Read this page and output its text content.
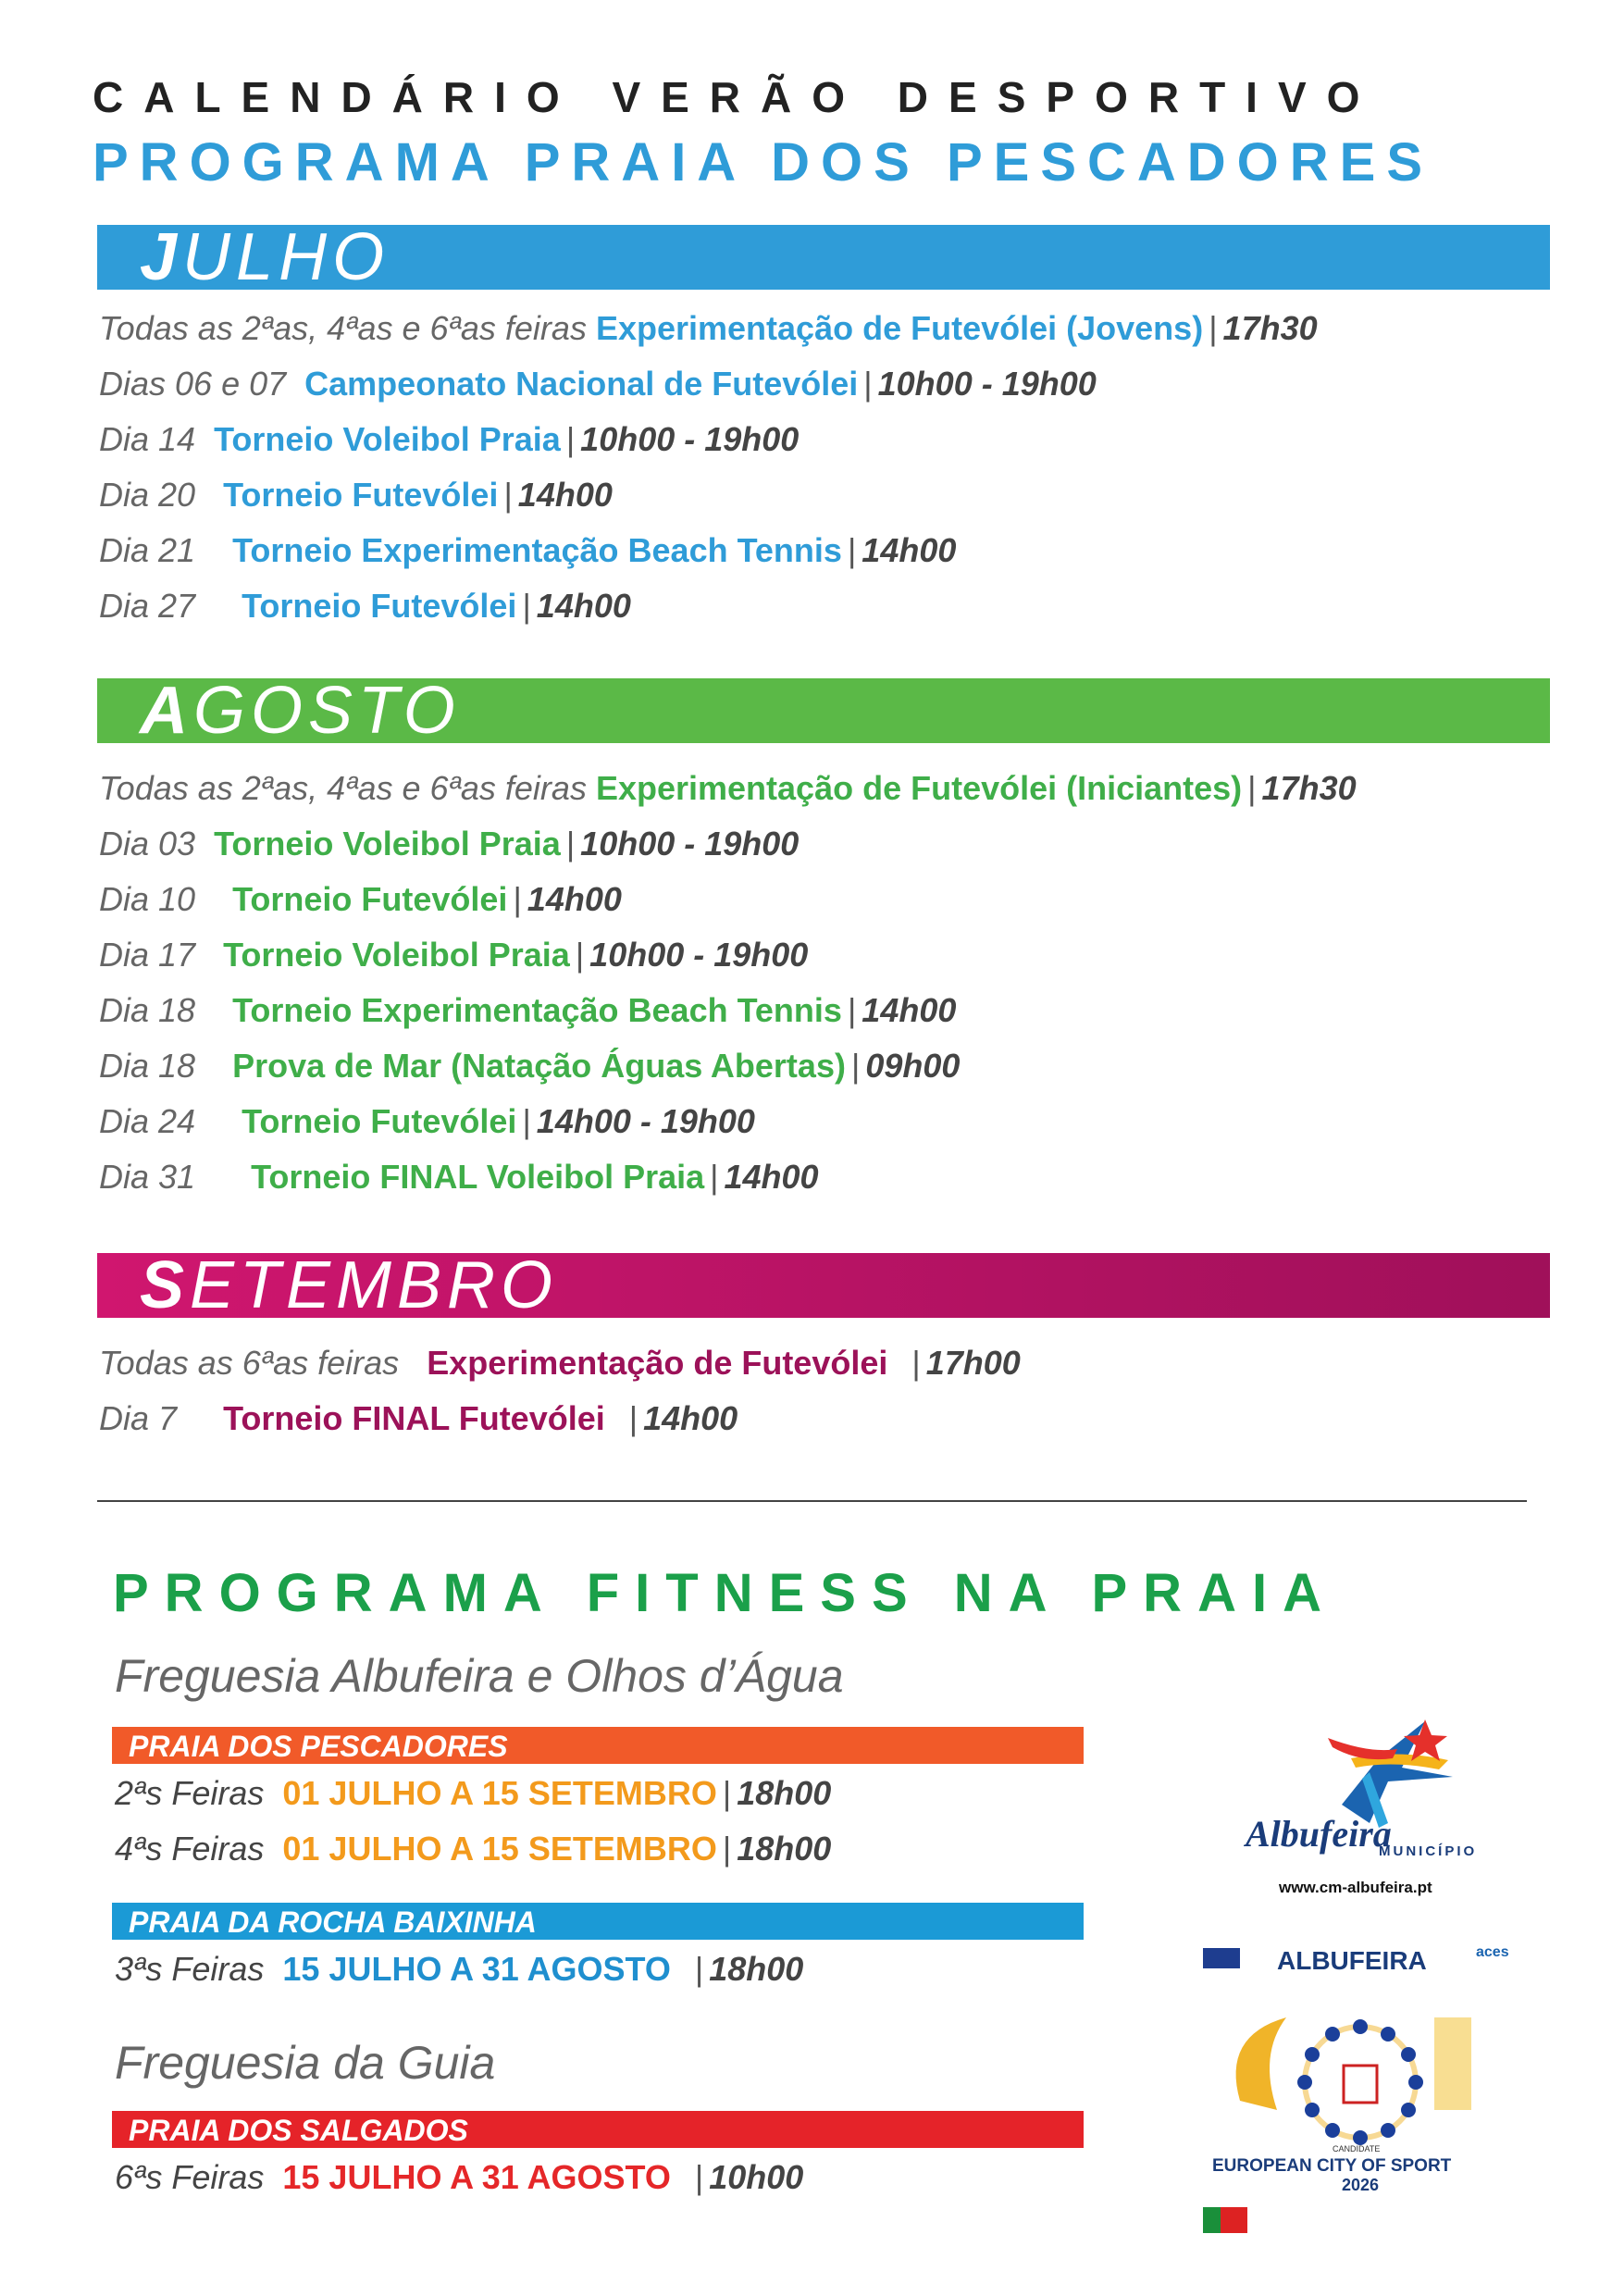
CALENDÁRIO VERÃO DESPORTIVO
PROGRAMA PRAIA DOS PESCADORES
JULHO
Todas as 2ªas, 4ªas e 6ªas feiras Experimentação de Futevólei (Jovens) | 17h30
Dias 06 e 07 Campeonato Nacional de Futevólei | 10h00 - 19h00
Dia 14 Torneio Voleibol Praia | 10h00 - 19h00
Dia 20 Torneio Futevólei | 14h00
Dia 21 Torneio Experimentação Beach Tennis | 14h00
Dia 27 Torneio Futevólei | 14h00
AGOSTO
Todas as 2ªas, 4ªas e 6ªas feiras Experimentação de Futevólei (Iniciantes) | 17h30
Dia 03 Torneio Voleibol Praia | 10h00 - 19h00
Dia 10 Torneio Futevólei | 14h00
Dia 17 Torneio Voleibol Praia | 10h00 - 19h00
Dia 18 Torneio Experimentação Beach Tennis | 14h00
Dia 18 Prova de Mar (Natação Águas Abertas) | 09h00
Dia 24 Torneio Futevólei | 14h00 - 19h00
Dia 31 Torneio FINAL Voleibol Praia | 14h00
SETEMBRO
Todas as 6ªas feiras Experimentação de Futevólei | 17h00
Dia 7 Torneio FINAL Futevólei | 14h00
PROGRAMA FITNESS NA PRAIA
Freguesia Albufeira e Olhos d’Água
PRAIA DOS PESCADORES
2ªs Feiras 01 JULHO A 15 SETEMBRO | 18h00
4ªs Feiras 01 JULHO A 15 SETEMBRO | 18h00
PRAIA DA ROCHA BAIXINHA
3ªs Feiras 15 JULHO A 31 AGOSTO | 18h00
Freguesia da Guia
PRAIA DOS SALGADOS
6ªs Feiras 15 JULHO A 31 AGOSTO | 10h00
Albufeira
MUNICÍPIO
www.cm-albufeira.pt
ALBUFEIRA	aces
CANDIDATE
EUROPEAN CITY OF SPORT
2026
